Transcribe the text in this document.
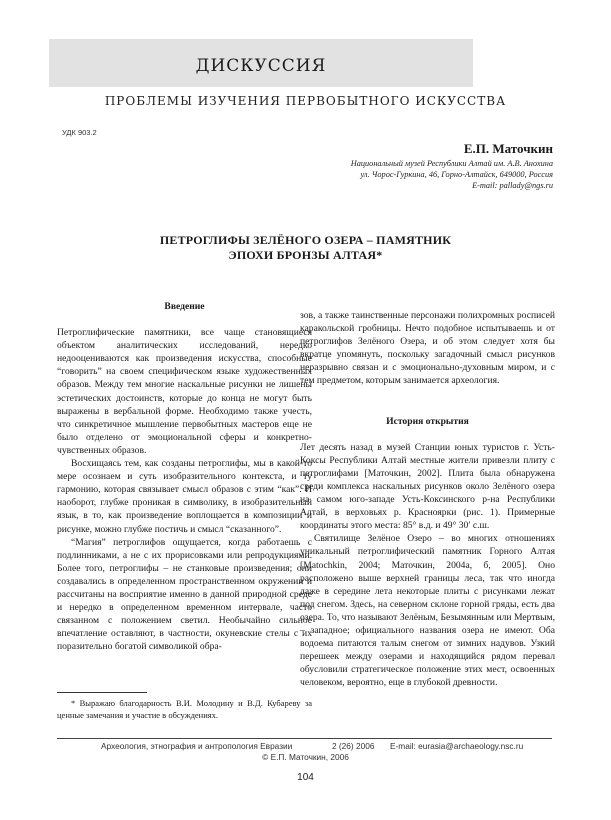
дискуссия
ПРОБЛЕМЫ ИЗУЧЕНИЯ ПЕРВОБЫТНОГО ИСКУССТВА
УДК 903.2
Е.П. Маточкин
Национальный музей Республики Алтай им. А.В. Анохина
ул. Чорос-Гуркина, 46, Горно-Алтайск, 649000, Россия
E-mail: pallady@ngs.ru
ПЕТРОГЛИФЫ ЗЕЛЁНОГО ОЗЕРА – ПАМЯТНИК
ЭПОХИ БРОНЗЫ АЛТАЯ*
Введение

Петроглифические памятники, все чаще становящиеся объектом аналитических исследований, нередко недооцениваются как произведения искусства, способные “говорить” на своем специфическом языке художественных образов. Между тем многие наскальные рисунки не лишены эстетических достоинств, которые до конца не могут быть выражены в вербальной форме. Необходимо также учесть, что синкретичное мышление первобытных мастеров еще не было отделено от эмоциональной сферы и конкретно-чувственных образов.

Восхищаясь тем, как созданы петроглифы, мы в какой-то мере осознаем и суть изобразительного контекста, и ту гармонию, которая связывает смысл образов с этим “как”. И наоборот, глубже проникая в символику, в изобразительный язык, в то, как произведение воплощается в композиции и рисунке, можно глубже постичь и смысл “сказанного”.

“Магия” петроглифов ощущается, когда работаешь с подлинниками, а не с их прорисовками или репродукциями. Более того, петроглифы – не станковые произведения; они создавались в определенном пространственном окружении и рассчитаны на восприятие именно в данной природной среде и нередко в определенном временном интервале, часто связанном с положением светил. Необычайно сильное впечатление оставляют, в частности, окуневские стелы с их поразительно богатой символикой обра-

* Выражаю благодарность В.И. Молодину и В.Д. Кубареву за ценные замечания и участие в обсуждениях.

зов, а также таинственные персонажи полихромных росписей каракольской гробницы. Нечто подобное испытываешь и от петроглифов Зелёного Озера, и об этом следует хотя бы вкратце упомянуть, поскольку загадочный смысл рисунков неразрывно связан и с эмоционально-духовным миром, и с тем предметом, которым занимается археология.

История открытия

Лет десять назад в музей Станции юных туристов г. Усть-Коксы Республики Алтай местные жители привезли плиту с петроглифами [Маточкин, 2002]. Плита была обнаружена среди комплекса наскальных рисунков около Зелёного озера на самом юго-западе Усть-Коксинского р-на Республики Алтай, в верховьях р. Красноярки (рис. 1). Примерные координаты этого места: 85° в.д. и 49° 30′ с.ш.

Святилище Зелёное Озеро – во многих отношениях уникальный петроглифический памятник Горного Алтая [Matochkin, 2004; Маточкин, 2004а, б, 2005]. Оно расположено выше верхней границы леса, так что иногда даже в середине лета некоторые плиты с рисунками лежат под снегом. Здесь, на северном склоне горной гряды, есть два озера. То, что называют Зелёным, Безымянным или Мертвым, – западное; официального названия озера не имеют. Оба водоема питаются талым снегом от зимних надувов. Узкий перешеек между озерами и находящийся рядом перевал обусловили стратегическое положение этих мест, освоенных человеком, вероятно, еще в глубокой древности.

Археология, этнография и антропология Евразии	2 (26) 2006 E-mail: eurasia@archaeology.nsc.ru
© Е.П. Маточкин, 2006
104
